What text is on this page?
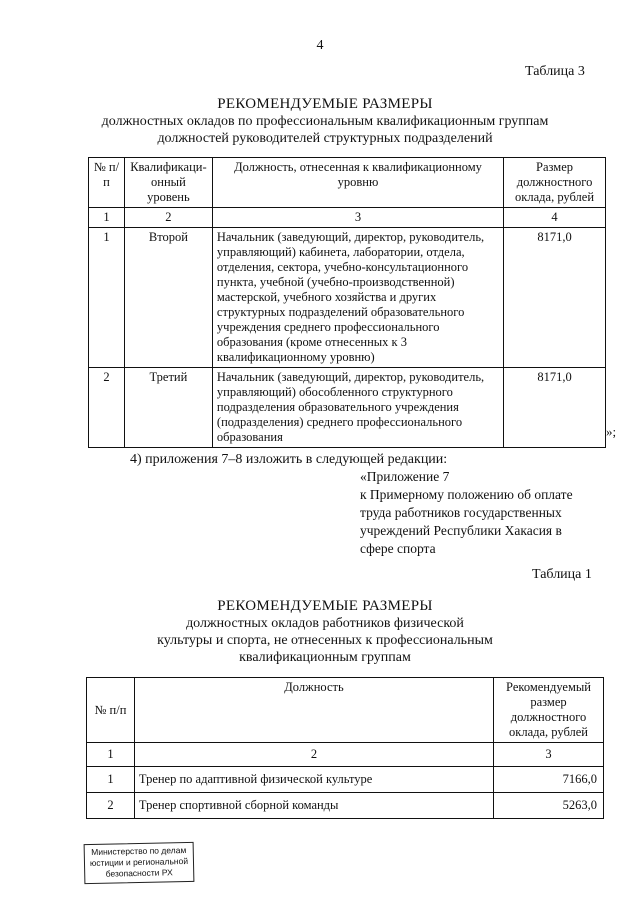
4
Таблица 3
РЕКОМЕНДУЕМЫЕ РАЗМЕРЫ
должностных окладов по профессиональным квалификационным группам
должностей руководителей структурных подразделений
№ п/п	Квалификаци-онный уровень	Должность, отнесенная к квалификационному уровню	Размер должностного оклада, рублей
1	2	3	4
1	Второй	Начальник (заведующий, директор, руководитель, управляющий) кабинета, лаборатории, отдела, отделения, сектора, учебно-консультационного пункта, учебной (учебно-производственной) мастерской, учебного хозяйства и других структурных подразделений образовательного учреждения среднего профессионального образования (кроме отнесенных к 3 квалификационному уровню)	8171,0
2	Третий	Начальник (заведующий, директор, руководитель, управляющий) обособленного структурного подразделения образовательного учреждения (подразделения) среднего профессионального образования	8171,0
»;
4) приложения 7–8 изложить в следующей редакции:
«Приложение 7
к Примерному положению об оплате
труда работников государственных
учреждений Республики Хакасия в
сфере спорта
Таблица 1
РЕКОМЕНДУЕМЫЕ РАЗМЕРЫ
должностных окладов работников физической
культуры и спорта, не отнесенных к профессиональным
квалификационным группам
№ п/п	Должность	Рекомендуемый размер должностного оклада, рублей
1	2	3
1	Тренер по адаптивной физической культуре	7166,0
2	Тренер спортивной сборной команды	5263,0
Министерство по делам
юстиции и региональной
безопасности РХ
